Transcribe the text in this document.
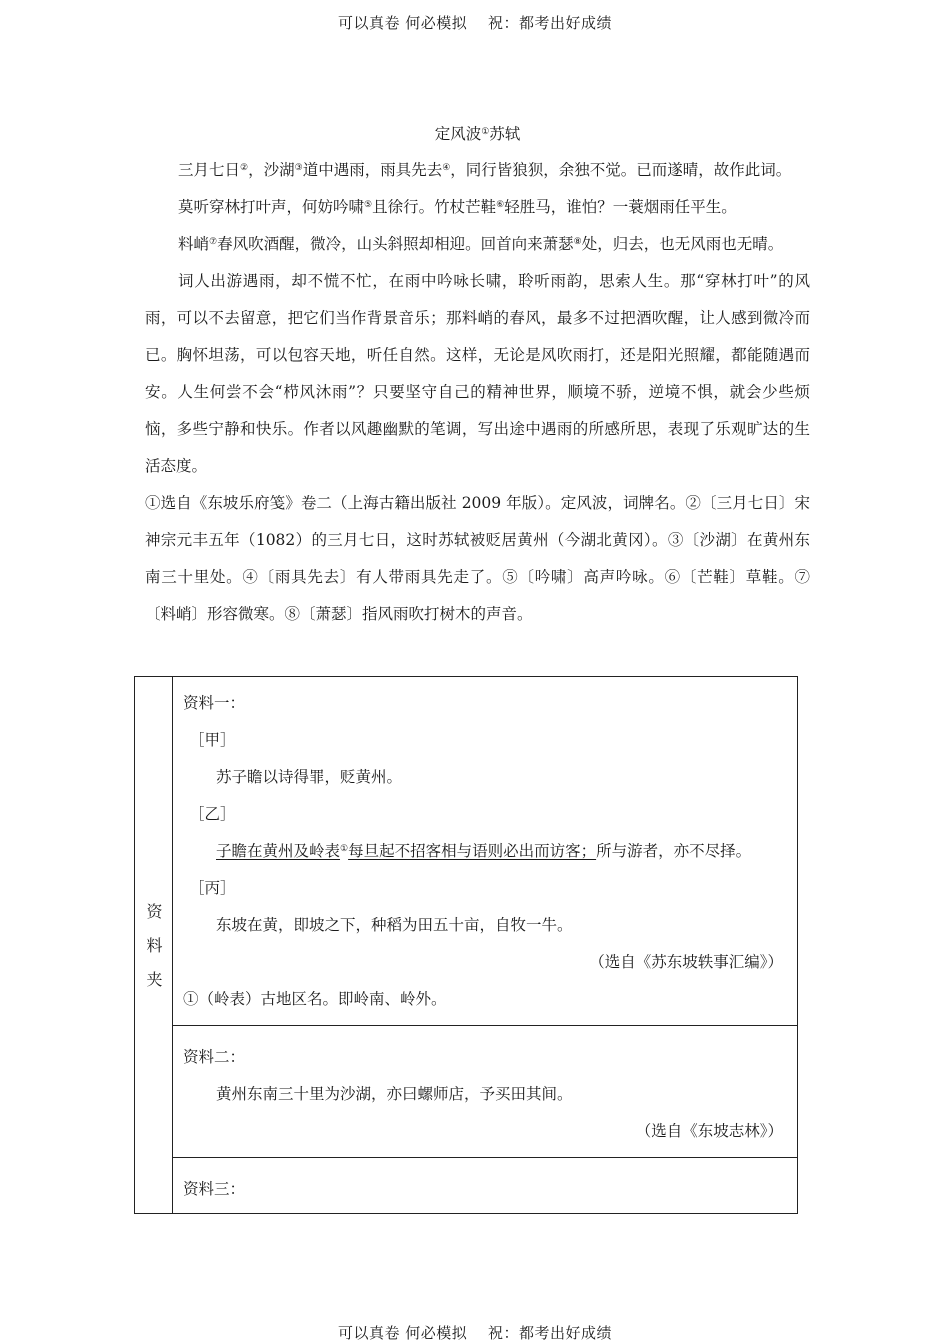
可以真卷 何必模拟　 祝：都考出好成绩
定风波①苏轼

三月七日②，沙湖③道中遇雨，雨具先去④，同行皆狼狈，余独不觉。已而遂晴，故作此词。

莫听穿林打叶声，何妨吟啸⑤且徐行。竹杖芒鞋⑥轻胜马，谁怕？一蓑烟雨任平生。

料峭⑦春风吹酒醒，微冷，山头斜照却相迎。回首向来萧瑟⑧处，归去，也无风雨也无晴。

词人出游遇雨，却不慌不忙，在雨中吟咏长啸，聆听雨韵，思索人生。那“穿林打叶”的风雨，可以不去留意，把它们当作背景音乐；那料峭的春风，最多不过把酒吹醒，让人感到微冷而已。胸怀坦荡，可以包容天地，听任自然。这样，无论是风吹雨打，还是阳光照耀，都能随遇而安。人生何尝不会“栉风沐雨”？只要坚守自己的精神世界，顺境不骄，逆境不惧，就会少些烦恼，多些宁静和快乐。作者以风趣幽默的笔调，写出途中遇雨的所感所思，表现了乐观旷达的生活态度。

①选自《东坡乐府笺》卷二（上海古籍出版社 2009 年版）。定风波，词牌名。②〔三月七日〕宋神宗元丰五年（1082）的三月七日，这时苏轼被贬居黄州（今湖北黄冈）。③〔沙湖〕在黄州东南三十里处。④〔雨具先去〕有人带雨具先走了。⑤〔吟啸〕高声吟咏。⑥〔芒鞋〕草鞋。⑦〔料峭〕形容微寒。⑧〔萧瑟〕指风雨吹打树木的声音。

资料夹
资料一：
［甲］
苏子瞻以诗得罪，贬黄州。
［乙］
子瞻在黄州及岭表①每旦起不招客相与语则必出而访客；所与游者，亦不尽择。
［丙］
东坡在黄，即坡之下，种稻为田五十亩，自牧一牛。
（选自《苏东坡轶事汇编》）
①（岭表）古地区名。即岭南、岭外。
资料二：
黄州东南三十里为沙湖，亦曰螺师店，予买田其间。
（选自《东坡志林》）
资料三：
可以真卷 何必模拟　 祝：都考出好成绩
